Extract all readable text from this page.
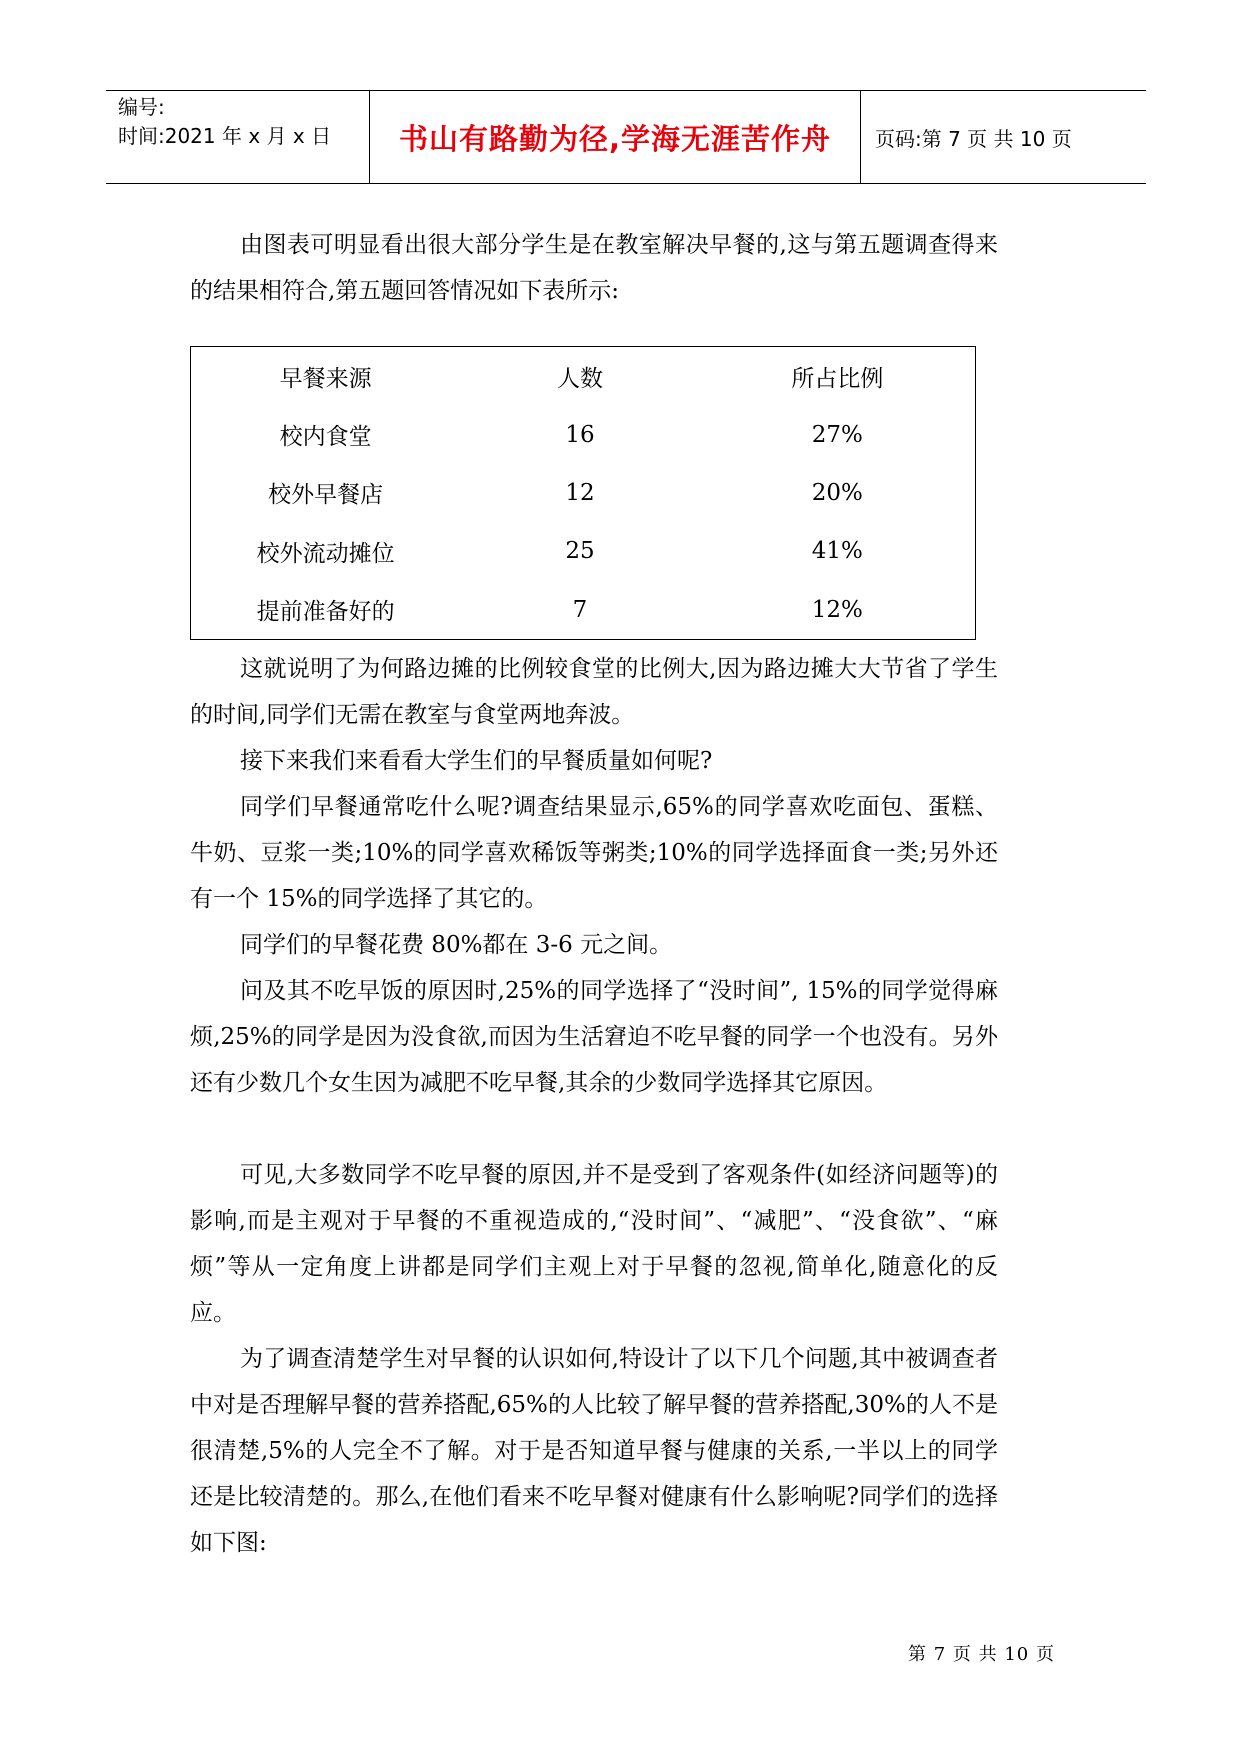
编号:
时间:2021 年 x 月 x 日	书山有路勤为径,学海无涯苦作舟	页码:第 7 页 共 10 页

由图表可明显看出很大部分学生是在教室解决早餐的,这与第五题调查得来的结果相符合,第五题回答情况如下表所示:

早餐来源	人数	所占比例
校内食堂	16	27%
校外早餐店	12	20%
校外流动摊位	25	41%
提前准备好的	7	12%

这就说明了为何路边摊的比例较食堂的比例大,因为路边摊大大节省了学生的时间,同学们无需在教室与食堂两地奔波。

接下来我们来看看大学生们的早餐质量如何呢?

同学们早餐通常吃什么呢?调查结果显示,65%的同学喜欢吃面包、蛋糕、牛奶、豆浆一类;10%的同学喜欢稀饭等粥类;10%的同学选择面食一类;另外还有一个 15%的同学选择了其它的。

同学们的早餐花费 80%都在 3-6 元之间。

问及其不吃早饭的原因时,25%的同学选择了“没时间”, 15%的同学觉得麻烦,25%的同学是因为没食欲,而因为生活窘迫不吃早餐的同学一个也没有。另外还有少数几个女生因为减肥不吃早餐,其余的少数同学选择其它原因。

可见,大多数同学不吃早餐的原因,并不是受到了客观条件(如经济问题等)的影响,而是主观对于早餐的不重视造成的,“没时间”、“减肥”、“没食欲”、“麻烦”等从一定角度上讲都是同学们主观上对于早餐的忽视,简单化,随意化的反应。

为了调查清楚学生对早餐的认识如何,特设计了以下几个问题,其中被调查者中对是否理解早餐的营养搭配,65%的人比较了解早餐的营养搭配,30%的人不是很清楚,5%的人完全不了解。对于是否知道早餐与健康的关系,一半以上的同学还是比较清楚的。那么,在他们看来不吃早餐对健康有什么影响呢?同学们的选择如下图:

第 7 页 共 10 页
